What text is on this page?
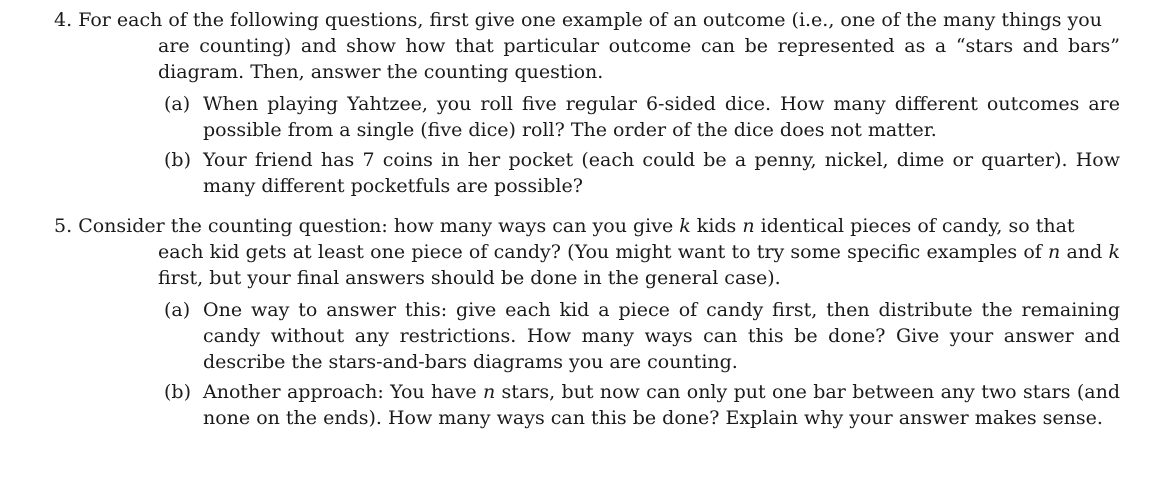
4. For each of the following questions, first give one example of an outcome (i.e., one of the many things you
are counting) and show how that particular outcome can be represented as a “stars and bars” diagram. Then, answer the counting question.
(a) When playing Yahtzee, you roll five regular 6-sided dice. How many different outcomes are possible from a single (five dice) roll? The order of the dice does not matter.
(b) Your friend has 7 coins in her pocket (each could be a penny, nickel, dime or quarter). How many different pocketfuls are possible?
5. Consider the counting question: how many ways can you give k kids n identical pieces of candy, so that
each kid gets at least one piece of candy? (You might want to try some specific examples of n and k first, but your final answers should be done in the general case).
(a) One way to answer this: give each kid a piece of candy first, then distribute the remaining candy without any restrictions. How many ways can this be done? Give your answer and describe the stars-and-bars diagrams you are counting.
(b) Another approach: You have n stars, but now can only put one bar between any two stars (and none on the ends). How many ways can this be done? Explain why your answer makes sense.
